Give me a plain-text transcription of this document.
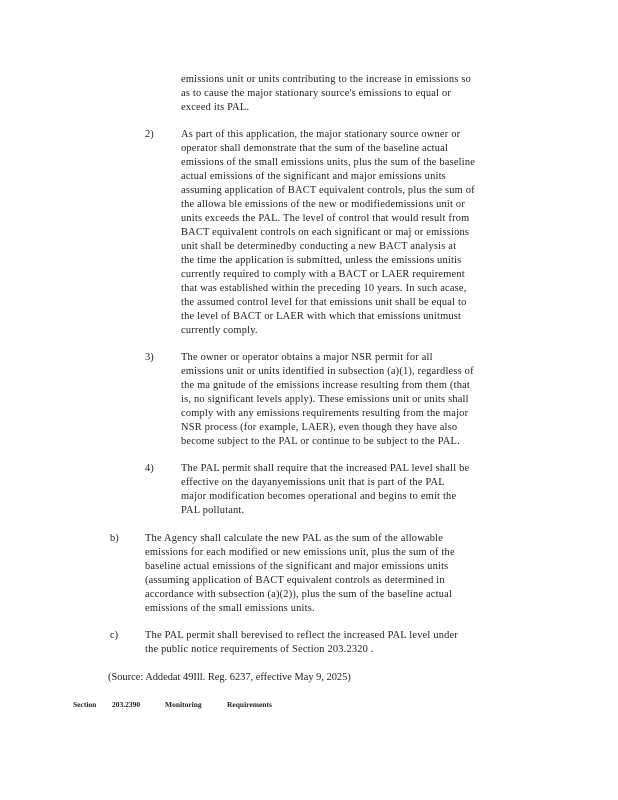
emissions unit or units contributing to the increase in emissions so
as to cause the major stationary source's emissions to equal or
exceed its PAL.
2)	As part of this application, the major stationary source owner or
operator shall demonstrate that the sum of the baseline actual
emissions of the small emissions units, plus the sum of the baseline
actual emissions of the significant and major emissions units
assuming application of BACT equivalent controls, plus the sum of
the allowa ble emissions of the new or modifiedemissions unit or
units exceeds the PAL. The level of control that would result from
BACT equivalent controls on each significant or maj or emissions
unit shall be determinedby conducting a new BACT analysis at
the time the application is submitted, unless the emissions unitis
currently required to comply with a BACT or LAER requirement
that was established within the preceding 10 years. In such acase,
the assumed control level for that emissions unit shall be equal to
the level of BACT or LAER with which that emissions unitmust
currently comply.
3)	The owner or operator obtains a major NSR permit for all
emissions unit or units identified in subsection (a)(1), regardless of
the ma gnitude of the emissions increase resulting from them (that
is, no significant levels apply). These emissions unit or units shall
comply with any emissions requirements resulting from the major
NSR process (for example, LAER), even though they have also
become subject to the PAL or continue to be subject to the PAL.
4)	The PAL permit shall require that the increased PAL level shall be
effective on the dayanyemissions unit that is part of the PAL
major modification becomes operational and begins to emit the
PAL pollutant.
b)	The Agency shall calculate the new PAL as the sum of the allowable
emissions for each modified or new emissions unit, plus the sum of the
baseline actual emissions of the significant and major emissions units
(assuming application of BACT equivalent controls as determined in
accordance with subsection (a)(2)), plus the sum of the baseline actual
emissions of the small emissions units.
c)	The PAL permit shall berevised to reflect the increased PAL level under
the public notice requirements of Section 203.2320 .
(Source: Addedat 49Ill. Reg. 6237, effective May 9, 2025)
Section 203.2390	Monitoring	Requirements
